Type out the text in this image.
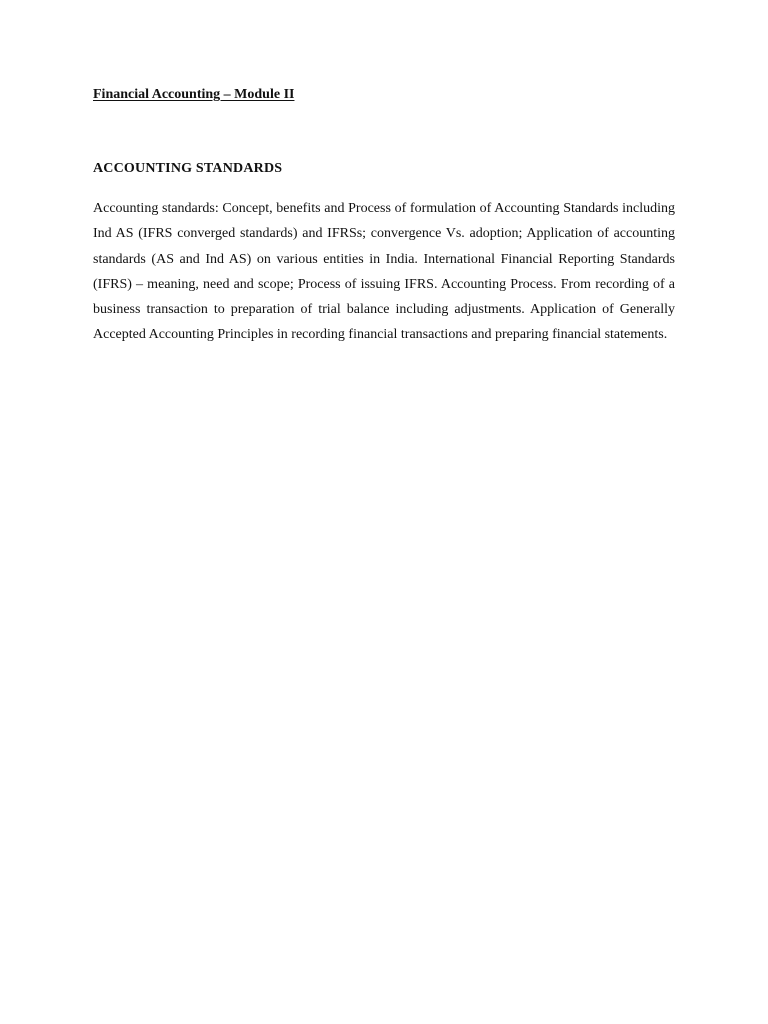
Financial Accounting – Module II

ACCOUNTING STANDARDS

Accounting standards: Concept, benefits and Process of formulation of Accounting Standards including Ind AS (IFRS converged standards) and IFRSs; convergence Vs. adoption; Application of accounting standards (AS and Ind AS) on various entities in India. International Financial Reporting Standards (IFRS) – meaning, need and scope; Process of issuing IFRS. Accounting Process. From recording of a business transaction to preparation of trial balance including adjustments. Application of Generally Accepted Accounting Principles in recording financial transactions and preparing financial statements.
